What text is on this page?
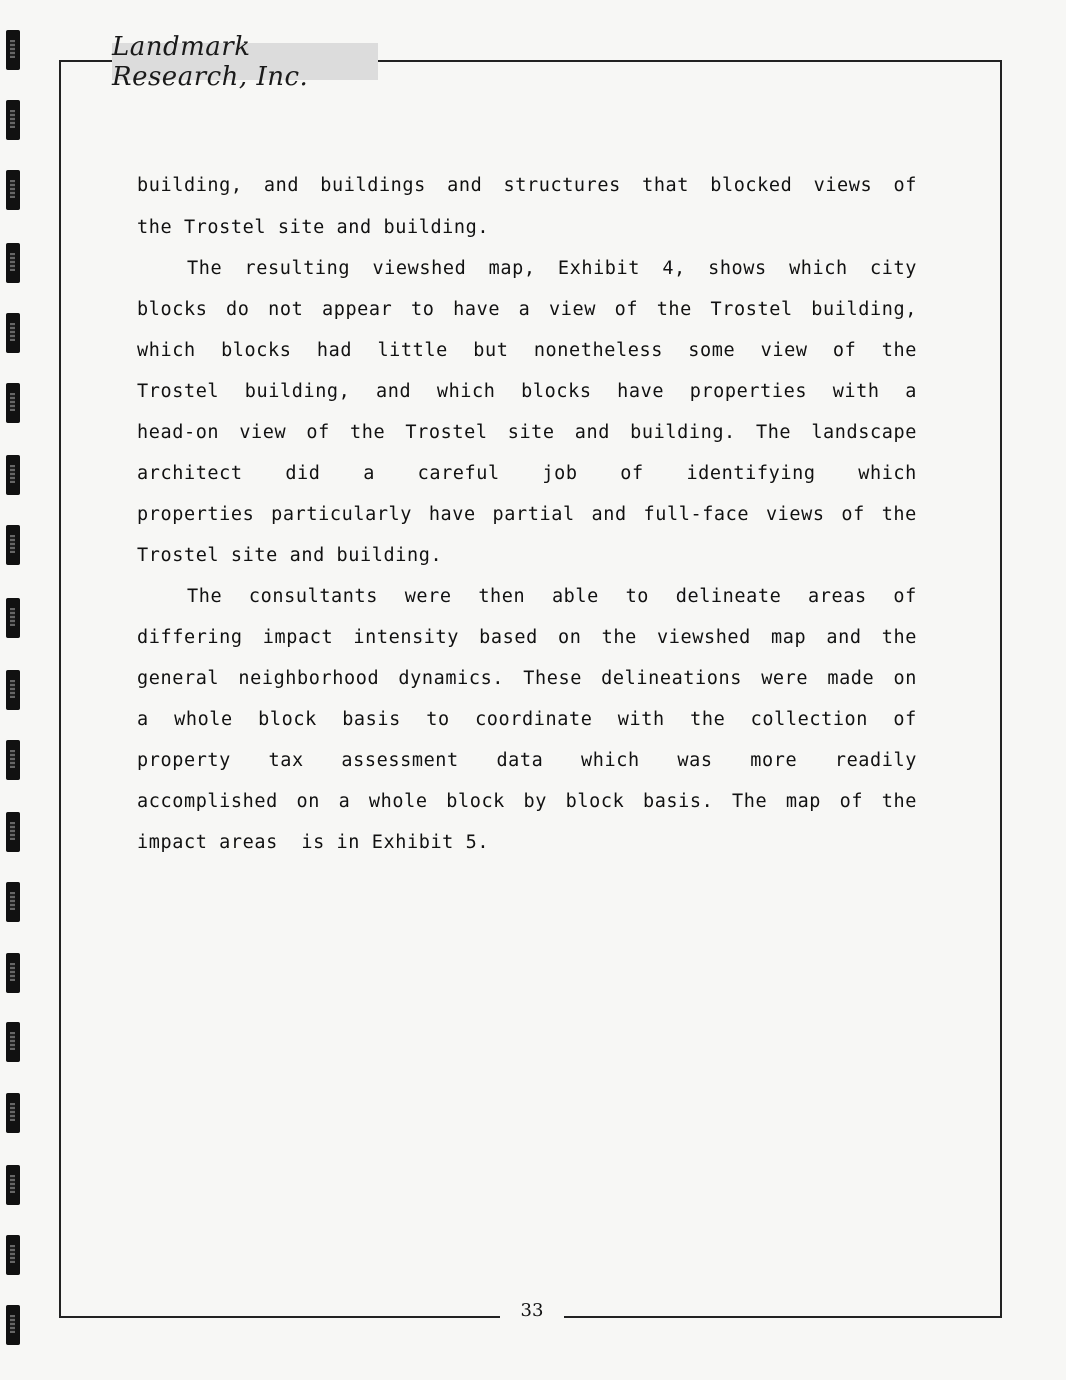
Landmark Research, Inc.
building, and buildings and structures that blocked views of
the Trostel site and building.
The resulting viewshed map, Exhibit 4, shows which city
blocks do not appear to have a view of the Trostel building,
which blocks had little but nonetheless some view of the
Trostel building, and which blocks have properties with a
head-on view of the Trostel site and building. The landscape
architect did a careful job of identifying which
properties particularly have partial and full-face views of the
Trostel site and building.
The consultants were then able to delineate areas of
differing impact intensity based on the viewshed map and the
general neighborhood dynamics. These delineations were made on
a whole block basis to coordinate with the collection of
property tax assessment data which was more readily
accomplished on a whole block by block basis. The map of the
impact areas  is in Exhibit 5.
33
